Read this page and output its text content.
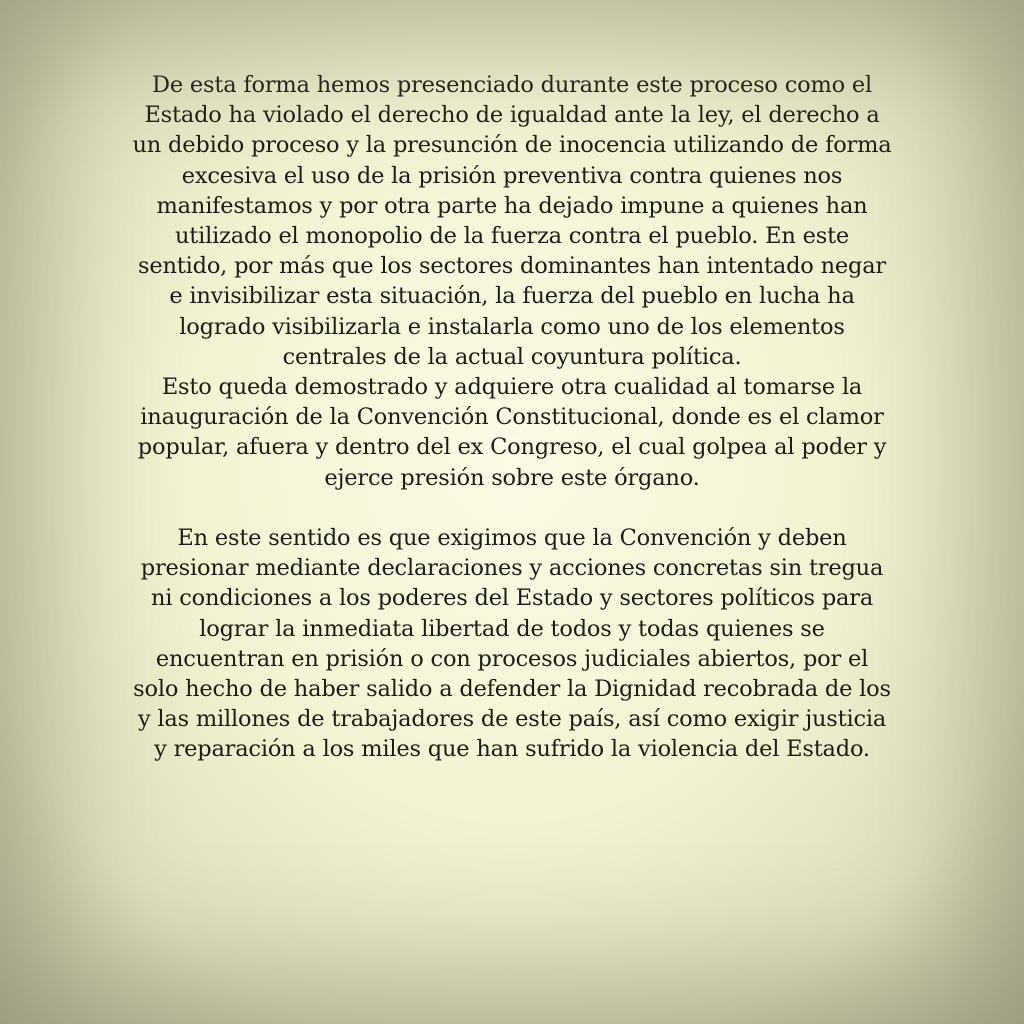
De esta forma hemos presenciado durante este proceso como el
Estado ha violado el derecho de igualdad ante la ley, el derecho a
un debido proceso y la presunción de inocencia utilizando de forma
excesiva el uso de la prisión preventiva contra quienes nos
manifestamos y por otra parte ha dejado impune a quienes han
utilizado el monopolio de la fuerza contra el pueblo. En este
sentido, por más que los sectores dominantes han intentado negar
e invisibilizar esta situación, la fuerza del pueblo en lucha ha
logrado visibilizarla e instalarla como uno de los elementos
centrales de la actual coyuntura política.
Esto queda demostrado y adquiere otra cualidad al tomarse la
inauguración de la Convención Constitucional, donde es el clamor
popular, afuera y dentro del ex Congreso, el cual golpea al poder y
ejerce presión sobre este órgano.
En este sentido es que exigimos que la Convención y deben
presionar mediante declaraciones y acciones concretas sin tregua
ni condiciones a los poderes del Estado y sectores políticos para
lograr la inmediata libertad de todos y todas quienes se
encuentran en prisión o con procesos judiciales abiertos, por el
solo hecho de haber salido a defender la Dignidad recobrada de los
y las millones de trabajadores de este país, así como exigir justicia
y reparación a los miles que han sufrido la violencia del Estado.
